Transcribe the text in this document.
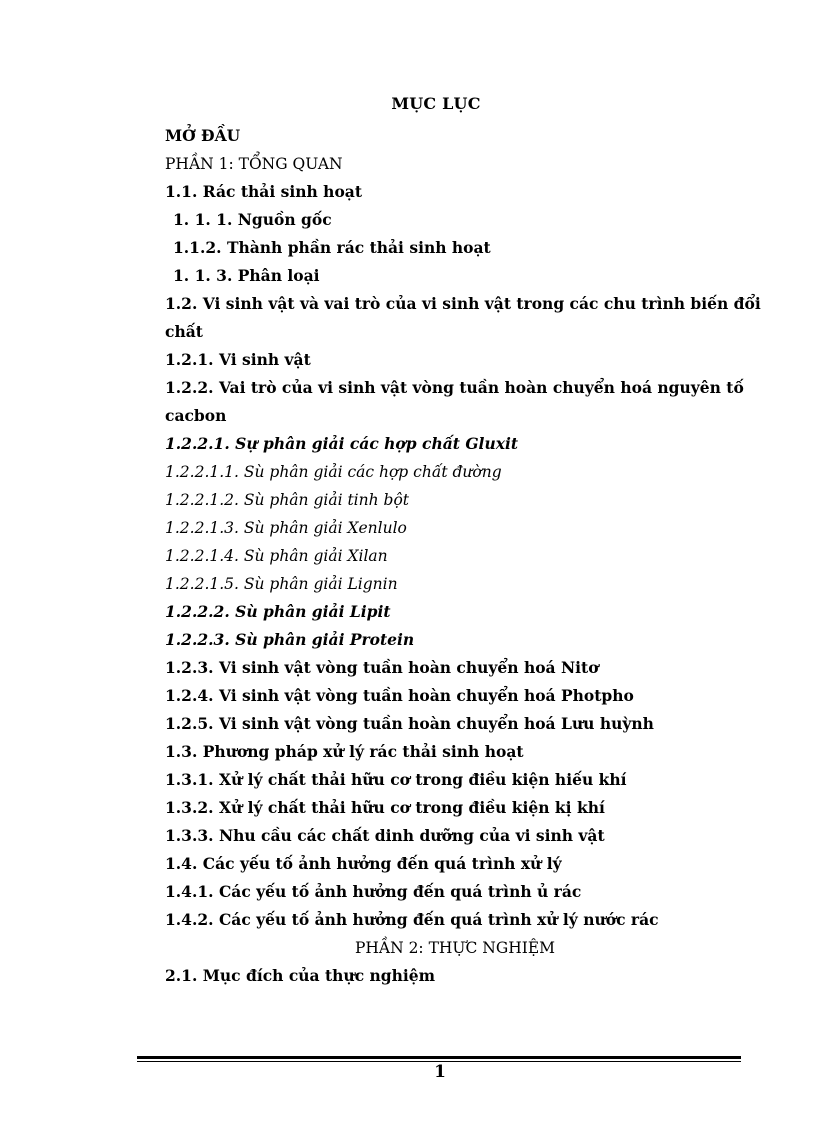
MỤC LỤC
MỞ ĐẦU
PHẦN 1: TỔNG QUAN
1.1. Rác thải sinh hoạt
1. 1. 1. Nguồn gốc
1.1.2. Thành phần rác thải sinh hoạt
1. 1. 3. Phân loại
1.2. Vi sinh vật và vai trò của vi sinh vật trong các chu trình biến đổi
chất
1.2.1. Vi sinh vật
1.2.2. Vai trò của vi sinh vật vòng tuần hoàn chuyển hoá nguyên tố
cacbon
1.2.2.1. Sự phân giải các hợp chất Gluxit
1.2.2.1.1. Sù phân giải các hợp chất đường
1.2.2.1.2. Sù phân giải tinh bột
1.2.2.1.3. Sù phân giải Xenlulo
1.2.2.1.4. Sù phân giải Xilan
1.2.2.1.5. Sù phân giải Lignin
1.2.2.2. Sù phân giải Lipit
1.2.2.3. Sù phân giải Protein
1.2.3. Vi sinh vật vòng tuần hoàn chuyển hoá Nitơ
1.2.4. Vi sinh vật vòng tuần hoàn chuyển hoá Photpho
1.2.5. Vi sinh vật vòng tuần hoàn chuyển hoá Lưu huỳnh
1.3. Phương pháp xử lý rác thải sinh hoạt
1.3.1. Xử lý chất thải hữu cơ trong điều kiện hiếu khí
1.3.2. Xử lý chất thải hữu cơ trong điều kiện kị khí
1.3.3. Nhu cầu các chất dinh dưỡng của vi sinh vật
1.4. Các yếu tố ảnh hưởng đến quá trình xử lý
1.4.1. Các yếu tố ảnh hưởng đến quá trình ủ rác
1.4.2. Các yếu tố ảnh hưởng đến quá trình xử lý nước rác
PHẦN 2: THỰC NGHIỆM
2.1. Mục đích của thực nghiệm
1
